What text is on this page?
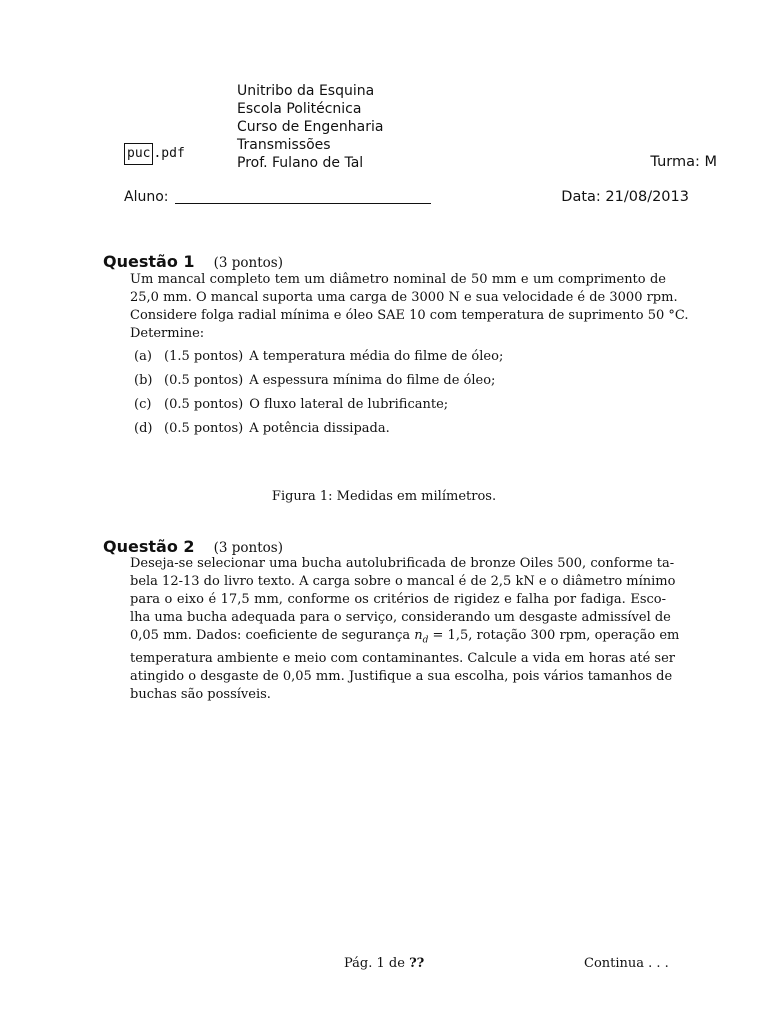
puc .pdf
Unitribo da Esquina
Escola Politécnica
Curso de Engenharia
Transmissões
Prof. Fulano de Tal	Turma: M
Aluno:	Data: 21/08/2013
Questão 1 (3 pontos)
Um mancal completo tem um diâmetro nominal de 50 mm e um comprimento de
25,0 mm. O mancal suporta uma carga de 3000 N e sua velocidade é de 3000 rpm.
Considere folga radial mínima e óleo SAE 10 com temperatura de suprimento 50 °C.
Determine:
(a) (1.5 pontos) A temperatura média do filme de óleo;
(b) (0.5 pontos) A espessura mínima do filme de óleo;
(c) (0.5 pontos) O fluxo lateral de lubrificante;
(d) (0.5 pontos) A potência dissipada.
Figura 1: Medidas em milímetros.
Questão 2 (3 pontos)
Deseja-se selecionar uma bucha autolubrificada de bronze Oiles 500, conforme ta-
bela 12-13 do livro texto. A carga sobre o mancal é de 2,5 kN e o diâmetro mínimo
para o eixo é 17,5 mm, conforme os critérios de rigidez e falha por fadiga. Esco-
lha uma bucha adequada para o serviço, considerando um desgaste admissível de
0,05 mm. Dados: coeficiente de segurança $n_d = 1,5$, rotação 300 rpm, operação em
temperatura ambiente e meio com contaminantes. Calcule a vida em horas até ser
atingido o desgaste de 0,05 mm. Justifique a sua escolha, pois vários tamanhos de
buchas são possíveis.
Pág. 1 de ??	Continua . . .
